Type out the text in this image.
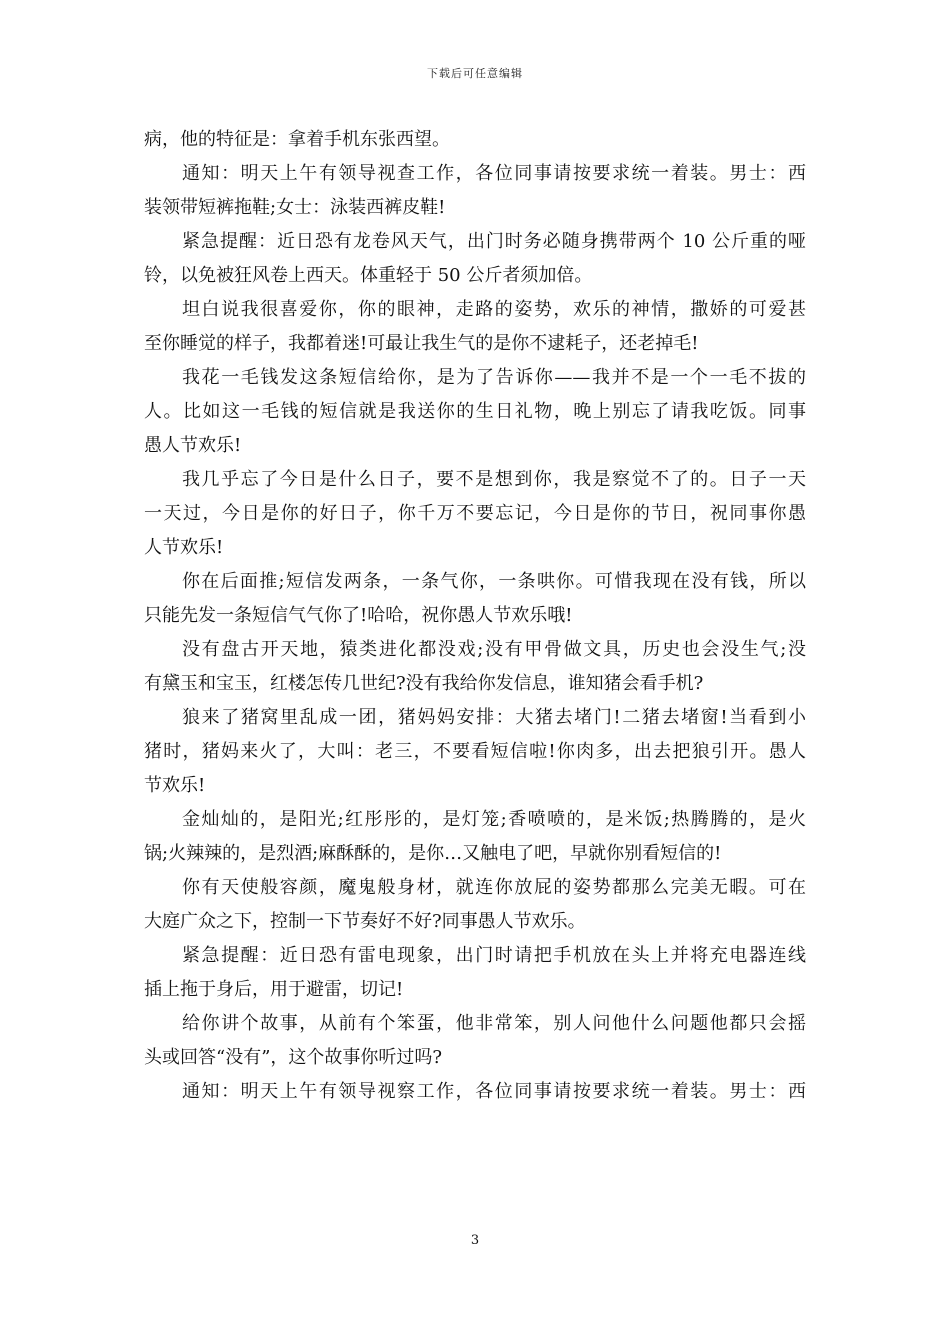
下载后可任意编辑
病，他的特征是：拿着手机东张西望。
通知：明天上午有领导视查工作，各位同事请按要求统一着装。男士：西
装领带短裤拖鞋;女士：泳装西裤皮鞋!
紧急提醒：近日恐有龙卷风天气，出门时务必随身携带两个 10 公斤重的哑
铃，以免被狂风卷上西天。体重轻于 50 公斤者须加倍。
坦白说我很喜爱你，你的眼神，走路的姿势，欢乐的神情，撒娇的可爱甚
至你睡觉的样子，我都着迷!可最让我生气的是你不逮耗子，还老掉毛!
我花一毛钱发这条短信给你，是为了告诉你——我并不是一个一毛不拔的
人。比如这一毛钱的短信就是我送你的生日礼物，晚上别忘了请我吃饭。同事
愚人节欢乐!
我几乎忘了今日是什么日子，要不是想到你，我是察觉不了的。日子一天
一天过，今日是你的好日子，你千万不要忘记，今日是你的节日，祝同事你愚
人节欢乐!
你在后面推;短信发两条，一条气你，一条哄你。可惜我现在没有钱，所以
只能先发一条短信气气你了!哈哈，祝你愚人节欢乐哦!
没有盘古开天地，猿类进化都没戏;没有甲骨做文具，历史也会没生气;没
有黛玉和宝玉，红楼怎传几世纪?没有我给你发信息，谁知猪会看手机?
狼来了猪窝里乱成一团，猪妈妈安排：大猪去堵门!二猪去堵窗!当看到小
猪时，猪妈来火了，大叫：老三，不要看短信啦!你肉多，出去把狼引开。愚人
节欢乐!
金灿灿的，是阳光;红彤彤的，是灯笼;香喷喷的，是米饭;热腾腾的，是火
锅;火辣辣的，是烈酒;麻酥酥的，是你…又触电了吧，早就你别看短信的!
你有天使般容颜，魔鬼般身材，就连你放屁的姿势都那么完美无暇。可在
大庭广众之下，控制一下节奏好不好?同事愚人节欢乐。
紧急提醒：近日恐有雷电现象，出门时请把手机放在头上并将充电器连线
插上拖于身后，用于避雷，切记!
给你讲个故事，从前有个笨蛋，他非常笨，别人问他什么问题他都只会摇
头或回答“没有”，这个故事你听过吗?
通知：明天上午有领导视察工作，各位同事请按要求统一着装。男士：西
3
